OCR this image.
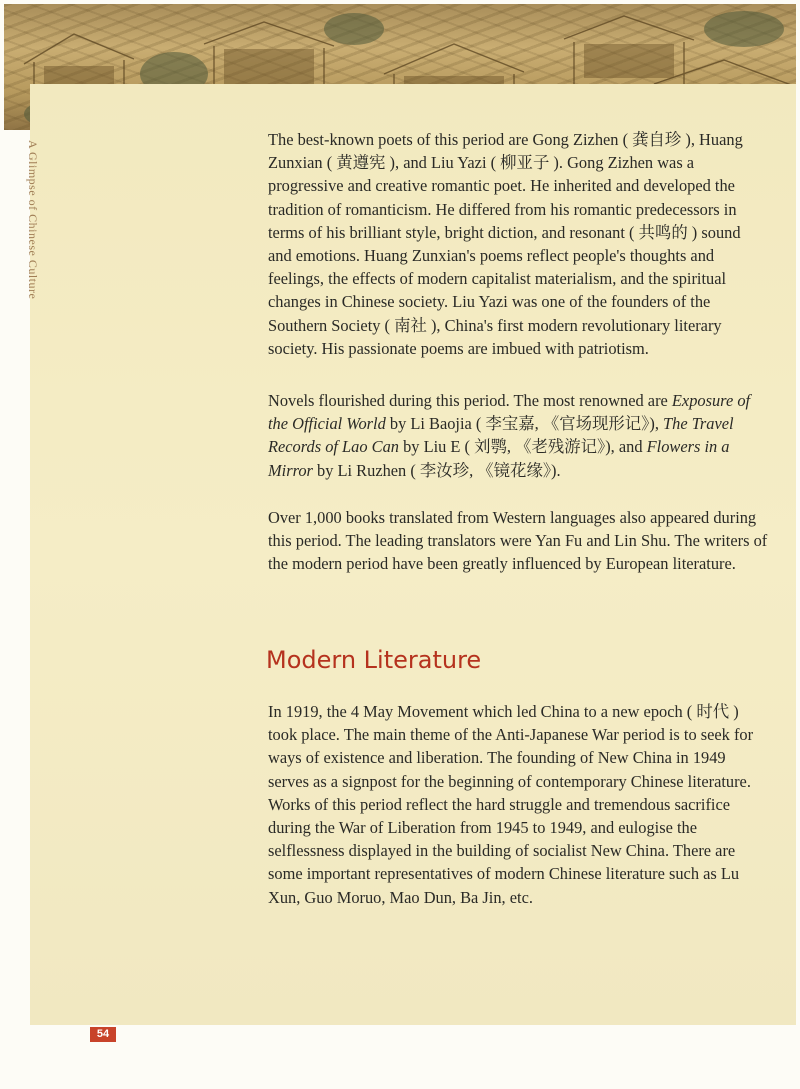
A Glimpse of Chinese Culture

The best-known poets of this period are Gong Zizhen ( 龚自珍 ), Huang Zunxian ( 黄遵宪 ), and Liu Yazi ( 柳亚子 ). Gong Zizhen was a progressive and creative romantic poet. He inherited and developed the tradition of romanticism. He differed from his romantic predecessors in terms of his brilliant style, bright diction, and resonant ( 共鸣的 ) sound and emotions. Huang Zunxian's poems reflect people's thoughts and feelings, the effects of modern capitalist materialism, and the spiritual changes in Chinese society. Liu Yazi was one of the founders of the Southern Society ( 南社 ), China's first modern revolutionary literary society. His passionate poems are imbued with patriotism.

Novels flourished during this period. The most renowned are Exposure of the Official World by Li Baojia ( 李宝嘉, 《官场现形记》), The Travel Records of Lao Can by Liu E ( 刘鹗, 《老残游记》), and Flowers in a Mirror by Li Ruzhen ( 李汝珍, 《镜花缘》).

Over 1,000 books translated from Western languages also appeared during this period. The leading translators were Yan Fu and Lin Shu. The writers of the modern period have been greatly influenced by European literature.

Modern Literature

In 1919, the 4 May Movement which led China to a new epoch ( 时代 ) took place. The main theme of the Anti-Japanese War period is to seek for ways of existence and liberation. The founding of New China in 1949 serves as a signpost for the beginning of contemporary Chinese literature. Works of this period reflect the hard struggle and tremendous sacrifice during the War of Liberation from 1945 to 1949, and eulogise the selflessness displayed in the building of socialist New China. There are some important representatives of modern Chinese literature such as Lu Xun, Guo Moruo, Mao Dun, Ba Jin, etc.

54
